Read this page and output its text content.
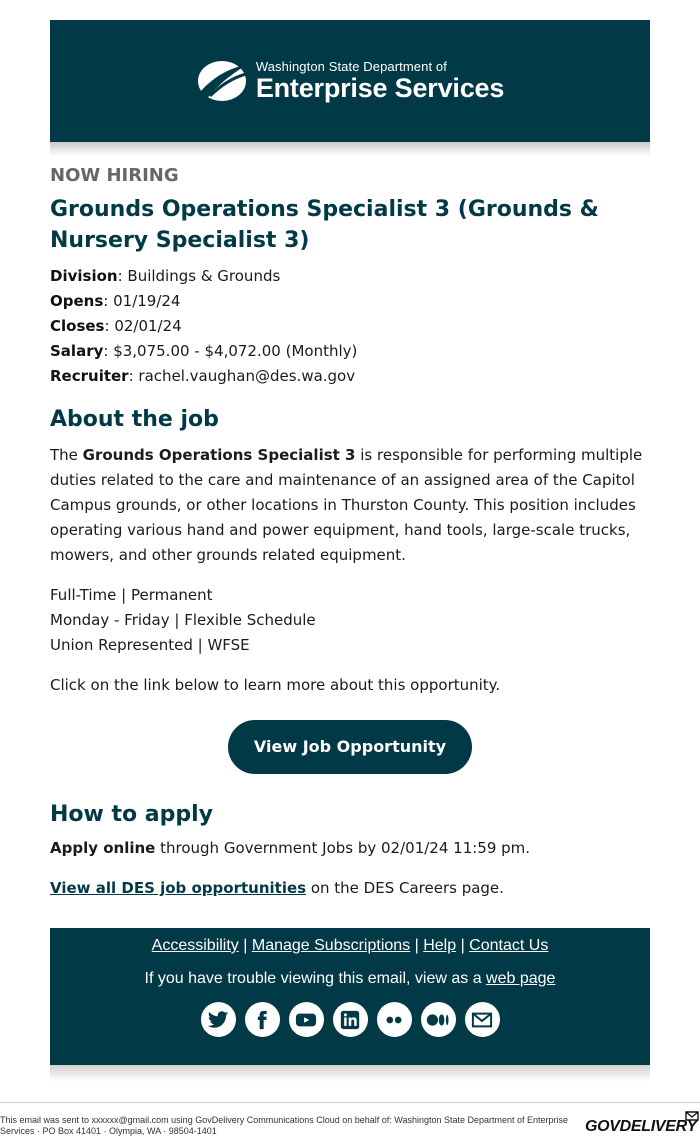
Washington State Department of
Enterprise Services
NOW HIRING
Grounds Operations Specialist 3 (Grounds & Nursery Specialist 3)

Division: Buildings & Grounds

Opens: 01/19/24

Closes: 02/01/24

Salary: $3,075.00 - $4,072.00 (Monthly)

Recruiter: rachel.vaughan@des.wa.gov

About the job

The Grounds Operations Specialist 3 is responsible for performing multiple duties related to the care and maintenance of an assigned area of the Capitol Campus grounds, or other locations in Thurston County. This position includes operating various hand and power equipment, hand tools, large-scale trucks, mowers, and other grounds related equipment.

Full-Time | Permanent

Monday - Friday | Flexible Schedule

Union Represented | WFSE

Click on the link below to learn more about this opportunity.

View Job Opportunity
How to apply

Apply online through Government Jobs by 02/01/24 11:59 pm.

View all DES job opportunities on the DES Careers page.

Accessibility | Manage Subscriptions | Help | Contact Us
If you have trouble viewing this email, view as a web page
This email was sent to xxxxxx@gmail.com using GovDelivery Communications Cloud on behalf of: Washington State Department of Enterprise Services · PO Box 41401 · Olympia, WA · 98504-1401	GOVDELIVERY
